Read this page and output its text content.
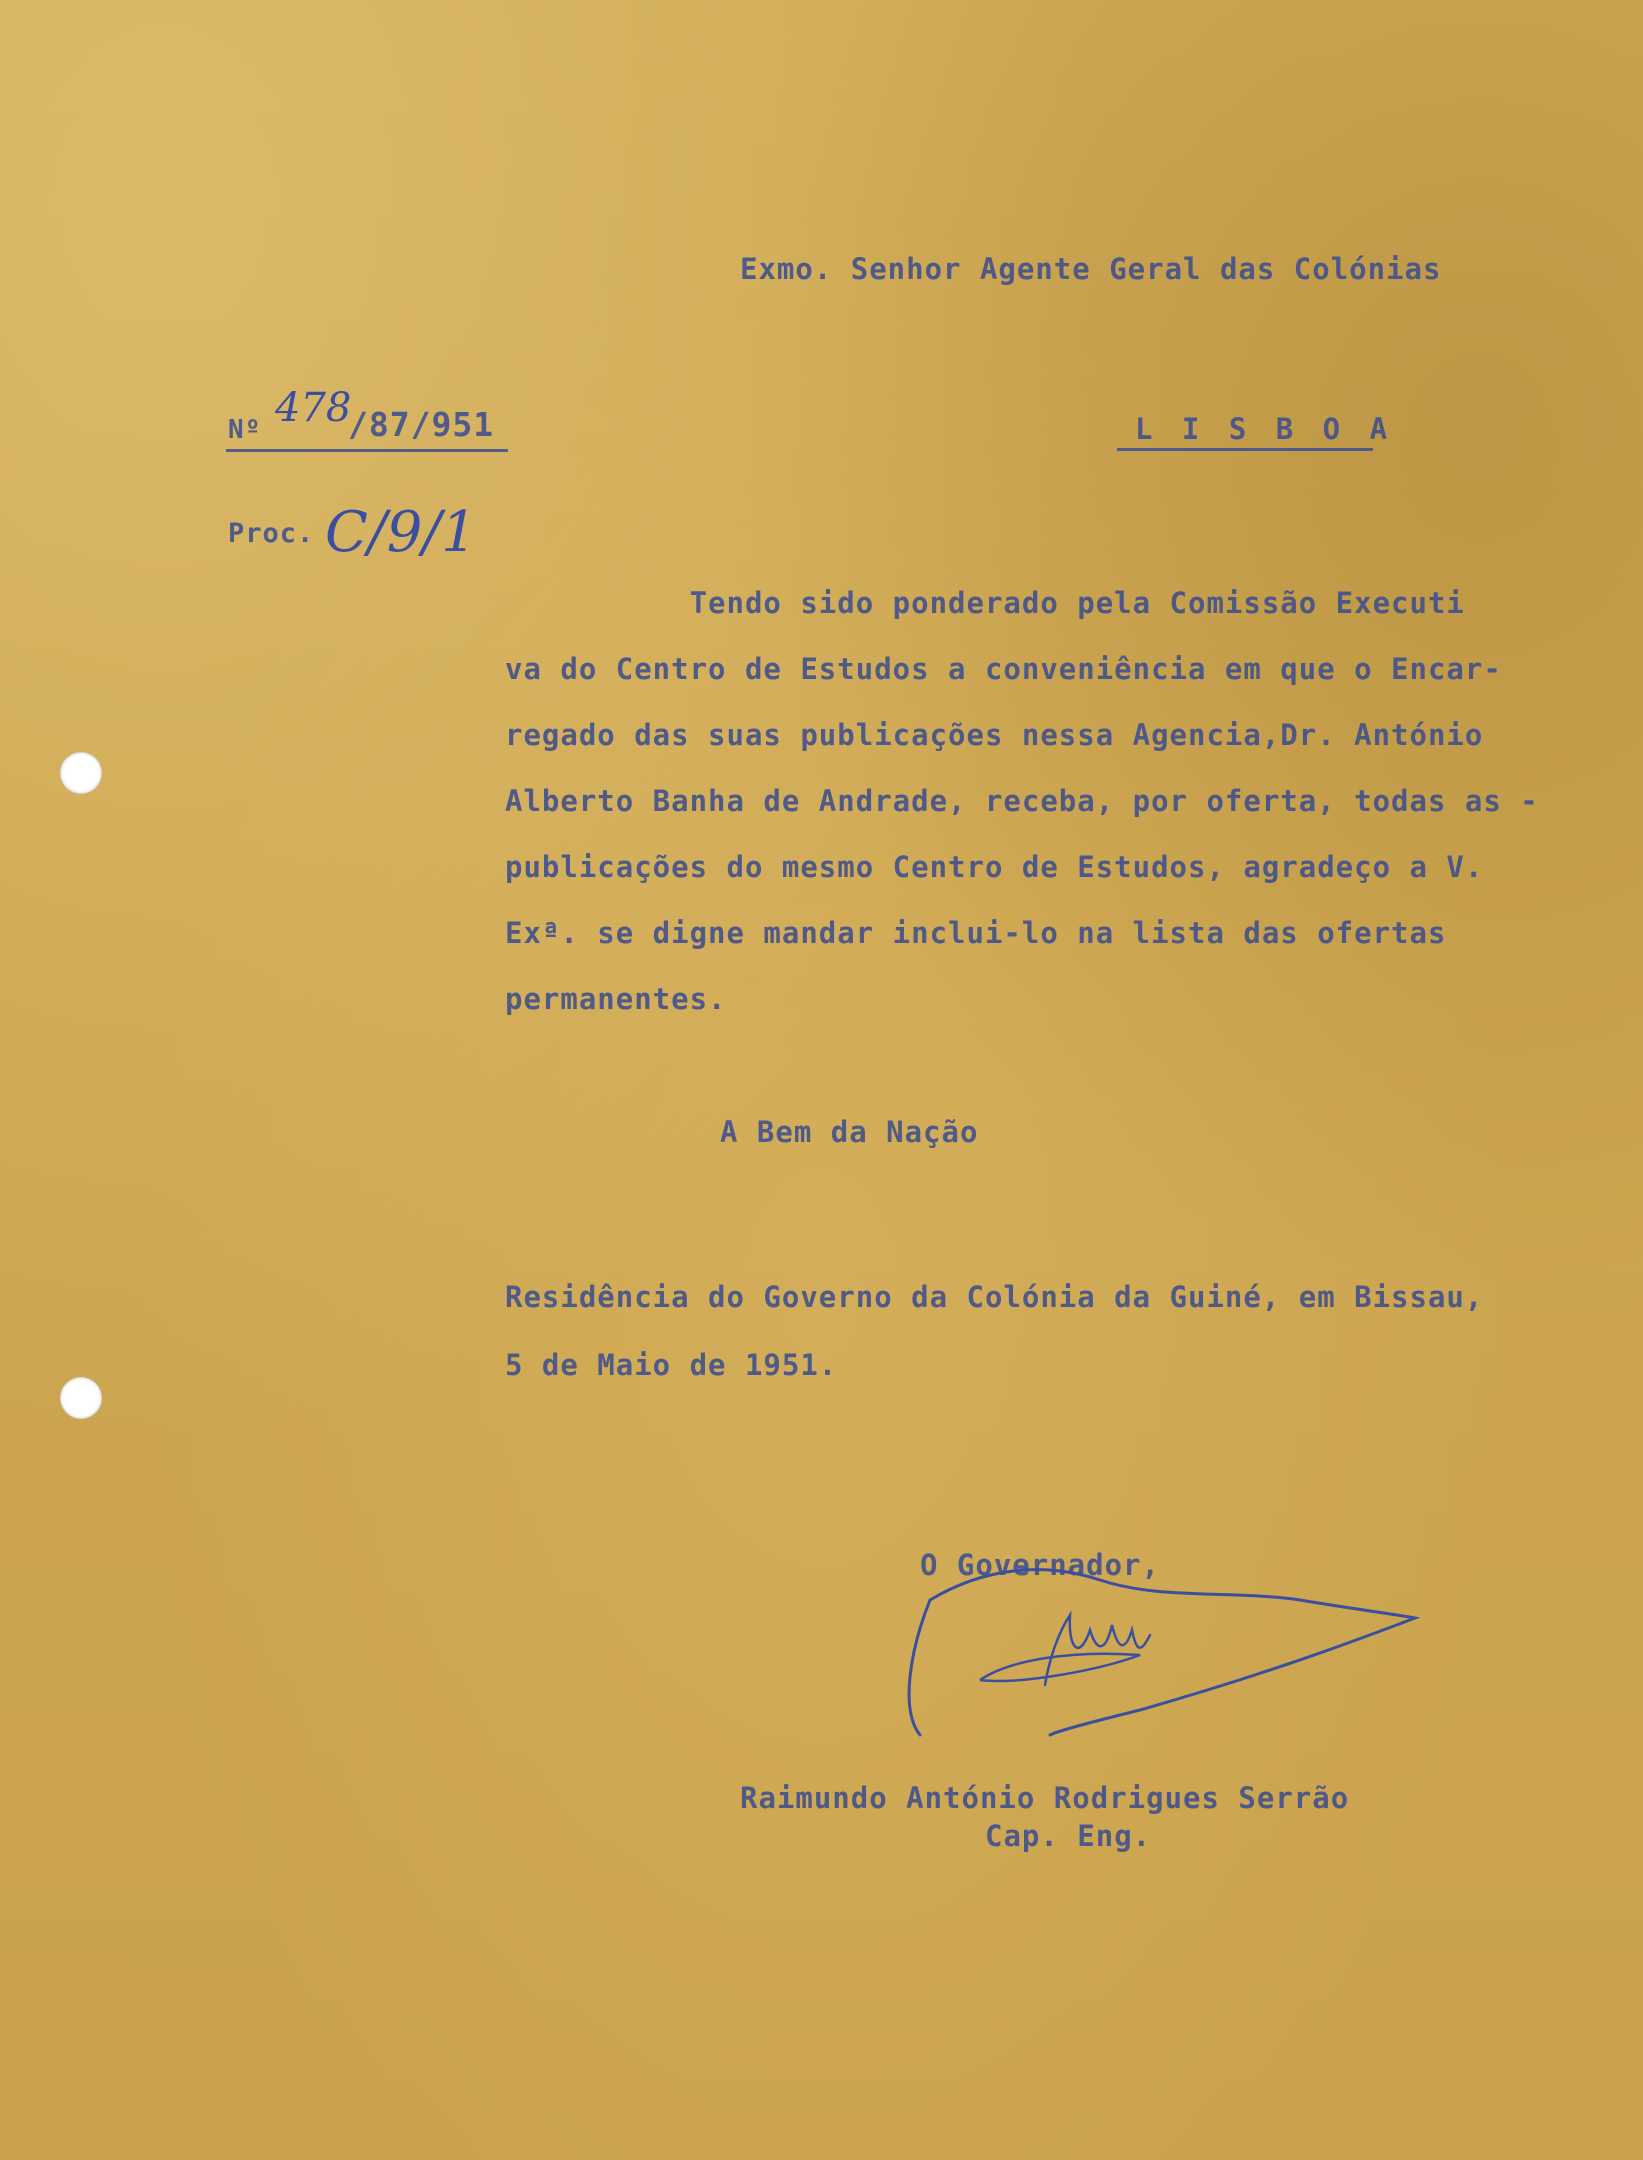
Exmo. Senhor Agente Geral das Colónias

Nº 478
/87/951	L I S B O A
Proc. C/9/1
Tendo sido ponderado pela Comissão Executi
va do Centro de Estudos a conveniência em que o Encar-
regado das suas publicações nessa Agencia,Dr. António
Alberto Banha de Andrade, receba, por oferta, todas as -
publicações do mesmo Centro de Estudos, agradeço a V.
Exª. se digne mandar inclui-lo na lista das ofertas
permanentes.

A Bem da Nação

Residência do Governo da Colónia da Guiné, em Bissau,

5 de Maio de 1951.

O Governador,

Raimundo António Rodrigues Serrão

Cap. Eng.
